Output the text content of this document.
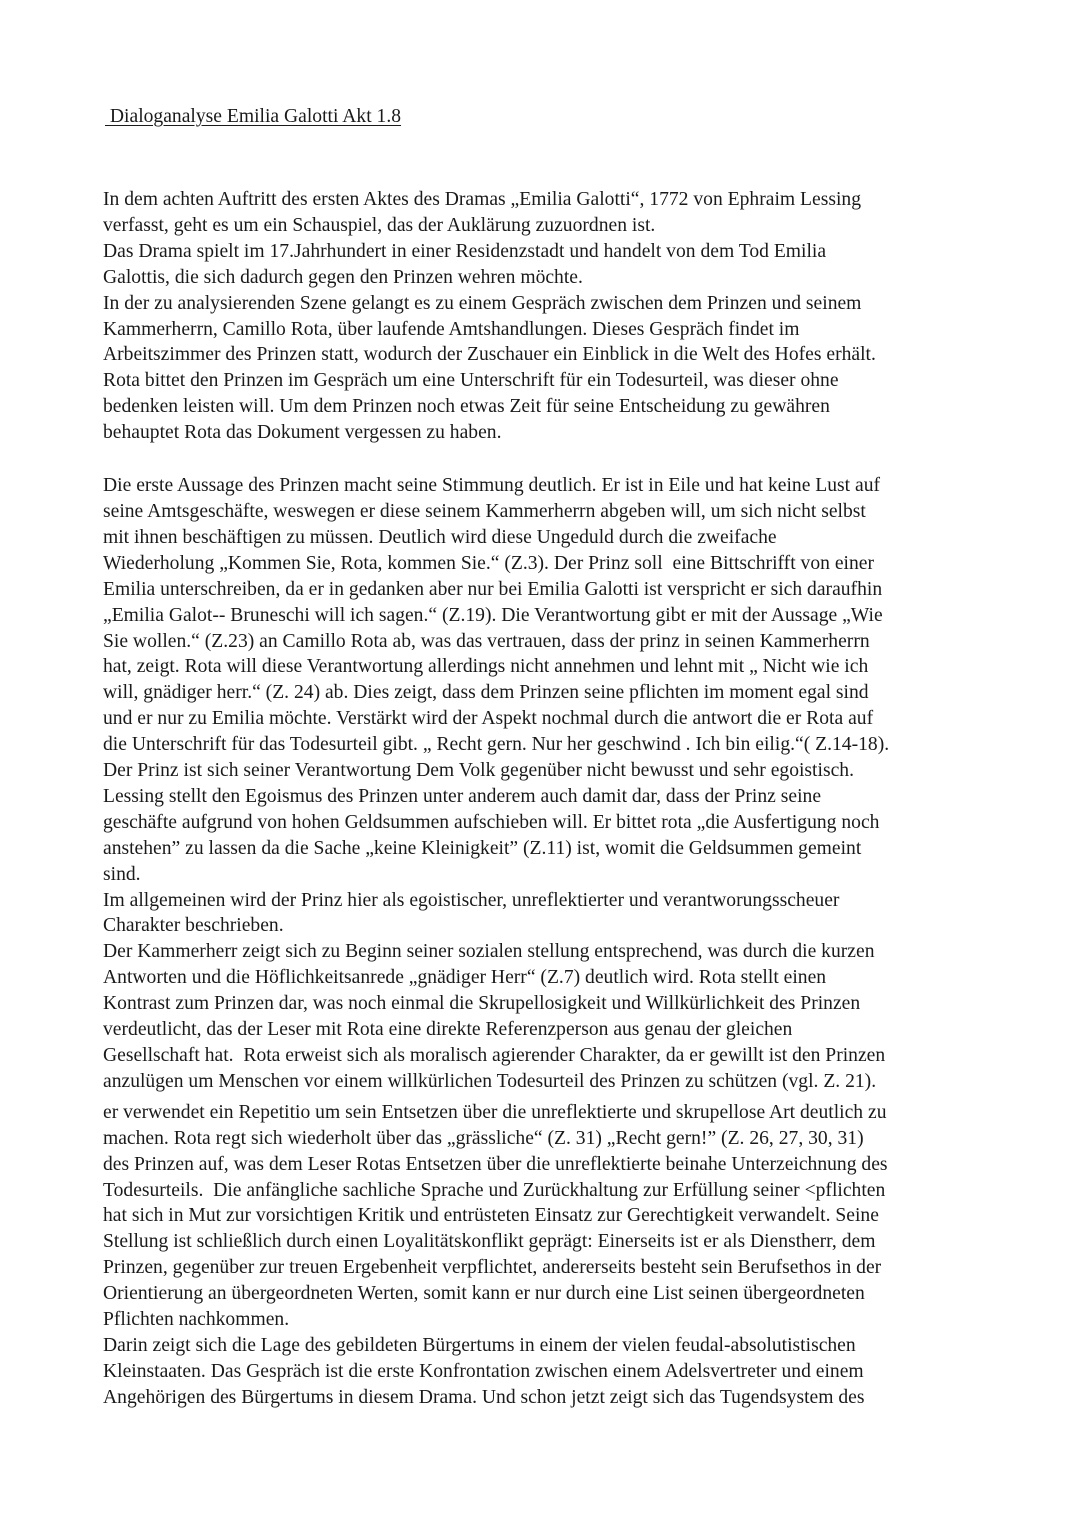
Dialoganalyse Emilia Galotti Akt 1.8

In dem achten Auftritt des ersten Aktes des Dramas „Emilia Galotti“, 1772 von Ephraim Lessing
verfasst, geht es um ein Schauspiel, das der Auklärung zuzuordnen ist.
Das Drama spielt im 17.Jahrhundert in einer Residenzstadt und handelt von dem Tod Emilia
Galottis, die sich dadurch gegen den Prinzen wehren möchte.
In der zu analysierenden Szene gelangt es zu einem Gespräch zwischen dem Prinzen und seinem
Kammerherrn, Camillo Rota, über laufende Amtshandlungen. Dieses Gespräch findet im
Arbeitszimmer des Prinzen statt, wodurch der Zuschauer ein Einblick in die Welt des Hofes erhält.
Rota bittet den Prinzen im Gespräch um eine Unterschrift für ein Todesurteil, was dieser ohne
bedenken leisten will. Um dem Prinzen noch etwas Zeit für seine Entscheidung zu gewähren
behauptet Rota das Dokument vergessen zu haben.

Die erste Aussage des Prinzen macht seine Stimmung deutlich. Er ist in Eile und hat keine Lust auf
seine Amtsgeschäfte, weswegen er diese seinem Kammerherrn abgeben will, um sich nicht selbst
mit ihnen beschäftigen zu müssen. Deutlich wird diese Ungeduld durch die zweifache
Wiederholung „Kommen Sie, Rota, kommen Sie.“ (Z.3). Der Prinz soll  eine Bittschrifft von einer
Emilia unterschreiben, da er in gedanken aber nur bei Emilia Galotti ist verspricht er sich daraufhin
„Emilia Galot-- Bruneschi will ich sagen.“ (Z.19). Die Verantwortung gibt er mit der Aussage „Wie
Sie wollen.“ (Z.23) an Camillo Rota ab, was das vertrauen, dass der prinz in seinen Kammerherrn
hat, zeigt. Rota will diese Verantwortung allerdings nicht annehmen und lehnt mit „ Nicht wie ich
will, gnädiger herr.“ (Z. 24) ab. Dies zeigt, dass dem Prinzen seine pflichten im moment egal sind
und er nur zu Emilia möchte. Verstärkt wird der Aspekt nochmal durch die antwort die er Rota auf
die Unterschrift für das Todesurteil gibt. „ Recht gern. Nur her geschwind . Ich bin eilig.“( Z.14-18).
Der Prinz ist sich seiner Verantwortung Dem Volk gegenüber nicht bewusst und sehr egoistisch.
Lessing stellt den Egoismus des Prinzen unter anderem auch damit dar, dass der Prinz seine
geschäfte aufgrund von hohen Geldsummen aufschieben will. Er bittet rota „die Ausfertigung noch
anstehen” zu lassen da die Sache „keine Kleinigkeit” (Z.11) ist, womit die Geldsummen gemeint
sind.
Im allgemeinen wird der Prinz hier als egoistischer, unreflektierter und verantworungsscheuer
Charakter beschrieben.
Der Kammerherr zeigt sich zu Beginn seiner sozialen stellung entsprechend, was durch die kurzen
Antworten und die Höflichkeitsanrede „gnädiger Herr“ (Z.7) deutlich wird. Rota stellt einen
Kontrast zum Prinzen dar, was noch einmal die Skrupellosigkeit und Willkürlichkeit des Prinzen
verdeutlicht, das der Leser mit Rota eine direkte Referenzperson aus genau der gleichen
Gesellschaft hat.  Rota erweist sich als moralisch agierender Charakter, da er gewillt ist den Prinzen
anzulügen um Menschen vor einem willkürlichen Todesurteil des Prinzen zu schützen (vgl. Z. 21).

er verwendet ein Repetitio um sein Entsetzen über die unreflektierte und skrupellose Art deutlich zu
machen. Rota regt sich wiederholt über das „grässliche“ (Z. 31) „Recht gern!” (Z. 26, 27, 30, 31)
des Prinzen auf, was dem Leser Rotas Entsetzen über die unreflektierte beinahe Unterzeichnung des
Todesurteils.  Die anfängliche sachliche Sprache und Zurückhaltung zur Erfüllung seiner <pflichten
hat sich in Mut zur vorsichtigen Kritik und entrüsteten Einsatz zur Gerechtigkeit verwandelt. Seine
Stellung ist schließlich durch einen Loyalitätskonflikt geprägt: Einerseits ist er als Dienstherr, dem
Prinzen, gegenüber zur treuen Ergebenheit verpflichtet, andererseits besteht sein Berufsethos in der
Orientierung an übergeordneten Werten, somit kann er nur durch eine List seinen übergeordneten
Pflichten nachkommen.
Darin zeigt sich die Lage des gebildeten Bürgertums in einem der vielen feudal-absolutistischen
Kleinstaaten. Das Gespräch ist die erste Konfrontation zwischen einem Adelsvertreter und einem
Angehörigen des Bürgertums in diesem Drama. Und schon jetzt zeigt sich das Tugendsystem des
